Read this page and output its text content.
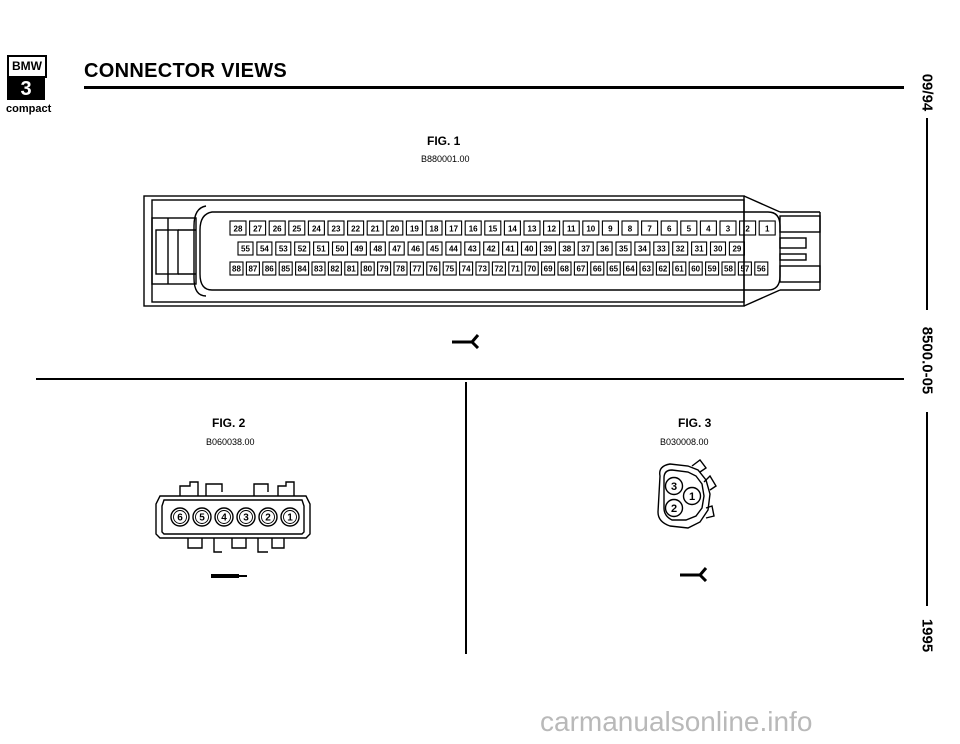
BMW
3
compact
CONNECTOR VIEWS
09/94
8500.0-05
1995
FIG. 1
B880001.00
28 27 26 25 24 23 22 21 20 19 18 17 16 15 14 13 12 11 10 9 8 7 6 5 4 3 2 1
55 54 53 52 51 50 49 48 47 46 45 44 43 42 41 40 39 38 37 36 35 34 33 32 31 30 29
88 87 86 85 84 83 82 81 80 79 78 77 76 75 74 73 72 71 70 69 68 67 66 65 64 63 62 61 60 59 58 57 56
FIG. 2
B060038.00
6 5 4 3 2 1
FIG. 3
B030008.00
3
1
2
carmanualsonline.info
